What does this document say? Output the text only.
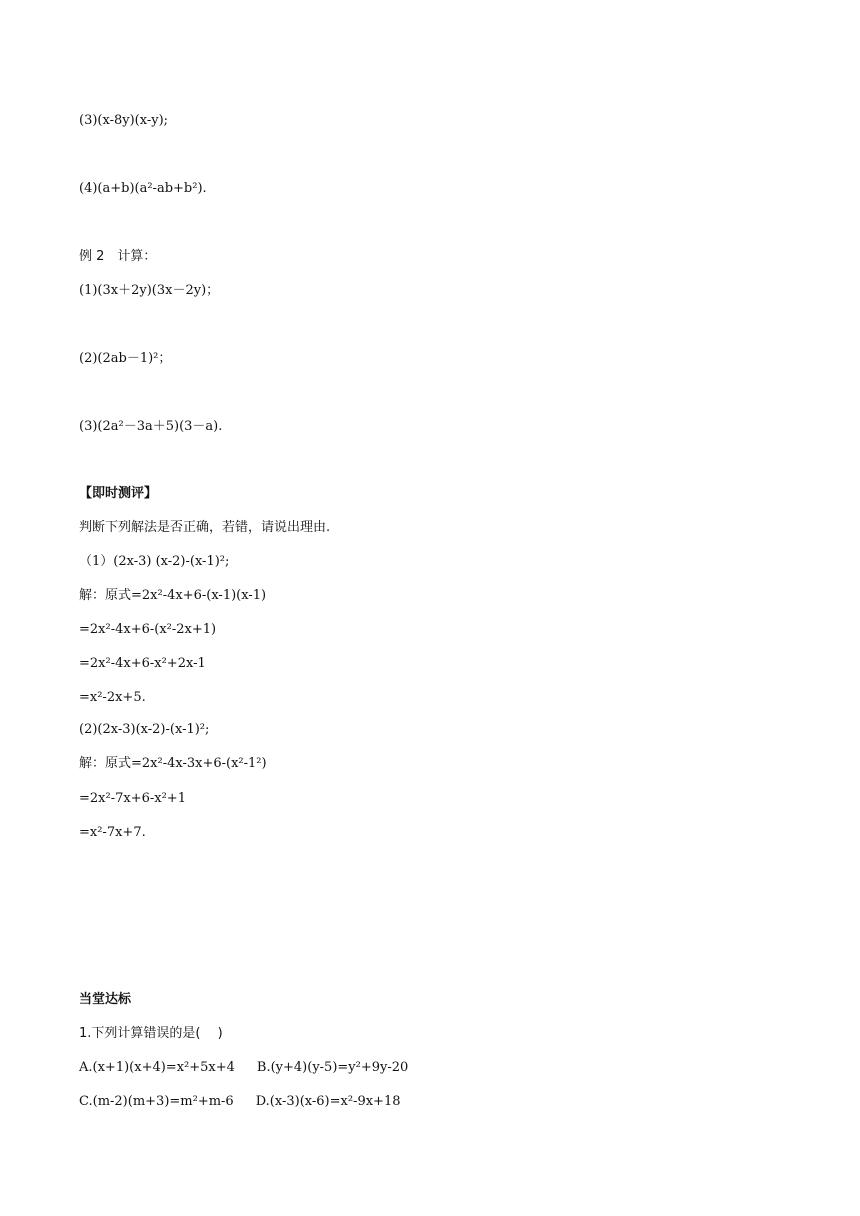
(3)(x-8y)(x-y);
(4)(a+b)(a²-ab+b²).
例 2　计算：
(1)(3x＋2y)(3x－2y)；
(2)(2ab－1)²；
(3)(2a²－3a＋5)(3－a).
【即时测评】
判断下列解法是否正确，若错，请说出理由.
（1）(2x-3) (x-2)-(x-1)²;
解：原式=2x²-4x+6-(x-1)(x-1)
=2x²-4x+6-(x²-2x+1)
=2x²-4x+6-x²+2x-1
=x²-2x+5.
(2)(2x-3)(x-2)-(x-1)²;
解：原式=2x²-4x-3x+6-(x²-1²)
=2x²-7x+6-x²+1
=x²-7x+7.
当堂达标
1.下列计算错误的是(　 )
A.(x+1)(x+4)=x²+5x+4 B.(y+4)(y-5)=y²+9y-20
C.(m-2)(m+3)=m²+m-6 D.(x-3)(x-6)=x²-9x+18
